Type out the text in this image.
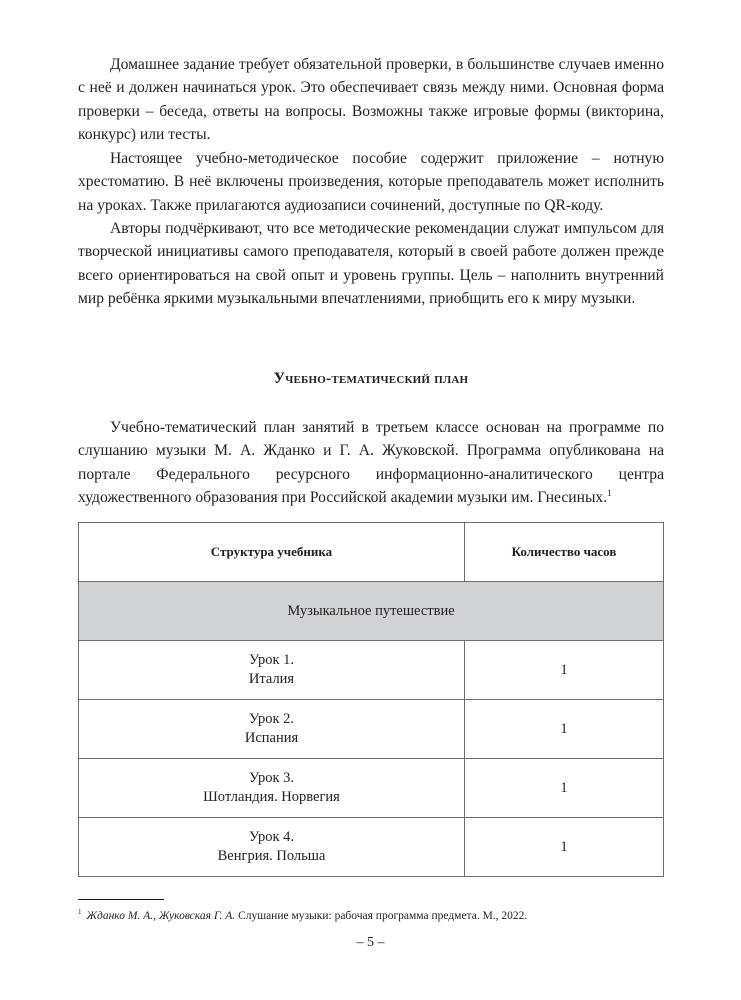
Домашнее задание требует обязательной проверки, в большинстве случаев именно с неё и должен начинаться урок. Это обеспечивает связь между ними. Основная форма проверки – беседа, ответы на вопросы. Возможны также игровые формы (викторина, конкурс) или тесты.

Настоящее учебно-методическое пособие содержит приложение – нотную хрестоматию. В неё включены произведения, которые преподаватель может исполнить на уроках. Также прилагаются аудиозаписи сочинений, доступные по QR-коду.

Авторы подчёркивают, что все методические рекомендации служат импульсом для творческой инициативы самого преподавателя, который в своей работе должен прежде всего ориентироваться на свой опыт и уровень группы. Цель – наполнить внутренний мир ребёнка яркими музыкальными впечатлениями, приобщить его к миру музыки.

Учебно-тематический план

Учебно-тематический план занятий в третьем классе основан на программе по слушанию музыки М. А. Жданко и Г. А. Жуковской. Программа опубликована на портале Федерального ресурсного информационно-аналитического центра художественного образования при Российской академии музыки им. Гнесиных.$^1$

Структура учебника	Количество часов
Музыкальное путешествие	

Урок 1.
Италия	1

Урок 2.
Испания	1

Урок 3.
Шотландия. Норвегия	1

Урок 4.
Венгрия. Польша	1

$^1$ Жданко М. А., Жуковская Г. А. Слушание музыки: рабочая программа предмета. М., 2022.

– 5 –
